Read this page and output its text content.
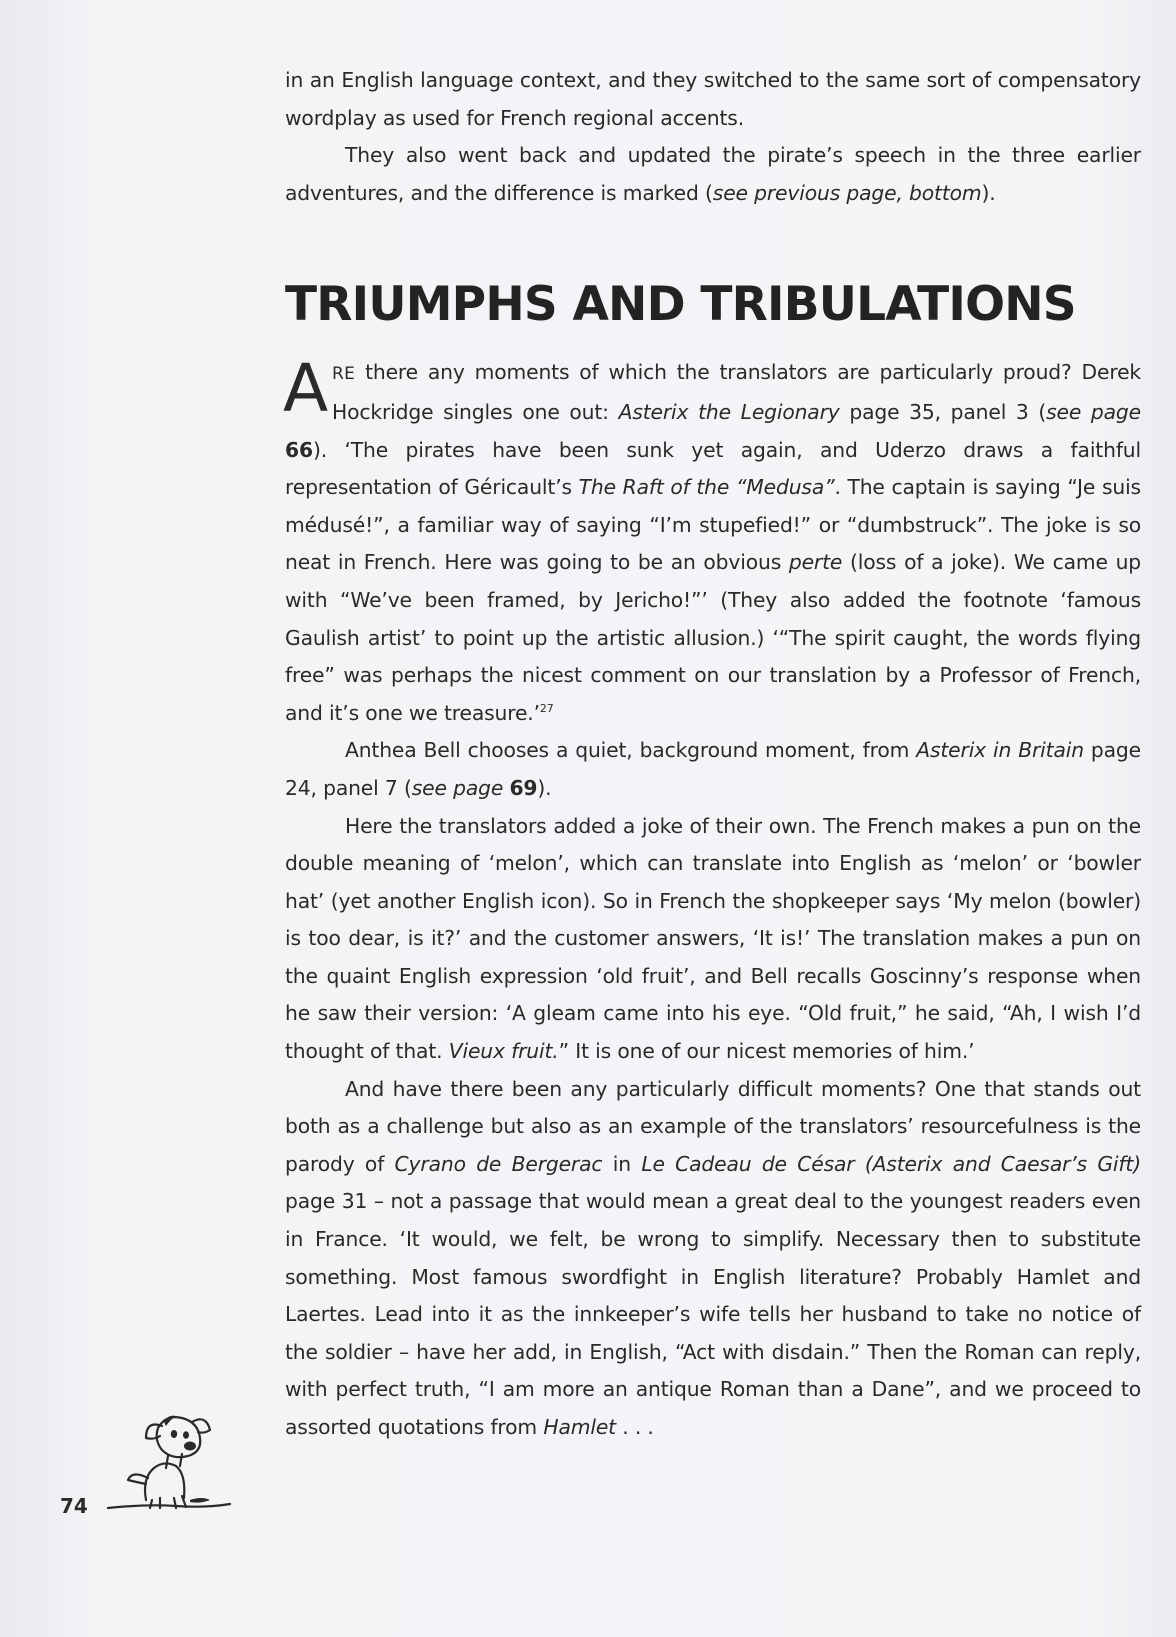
in an English language context, and they switched to the same sort of compensatory wordplay as used for French regional accents.

They also went back and updated the pirate’s speech in the three earlier adventures, and the difference is marked (see previous page, bottom).

TRIUMPHS AND TRIBULATIONS

ARE there any moments of which the translators are particularly proud? Derek Hockridge singles one out: Asterix the Legionary page 35, panel 3 (see page 66). ‘The pirates have been sunk yet again, and Uderzo draws a faithful representation of Géricault’s The Raft of the “Medusa”. The captain is saying “Je suis médusé!”, a familiar way of saying “I’m stupefied!” or “dumbstruck”. The joke is so neat in French. Here was going to be an obvious perte (loss of a joke). We came up with “We’ve been framed, by Jericho!”’ (They also added the footnote ‘famous Gaulish artist’ to point up the artistic allusion.) ‘“The spirit caught, the words flying free” was perhaps the nicest comment on our translation by a Professor of French, and it’s one we treasure.’$^{27}$

Anthea Bell chooses a quiet, background moment, from Asterix in Britain page 24, panel 7 (see page 69).

Here the translators added a joke of their own. The French makes a pun on the double meaning of ‘melon’, which can translate into English as ‘melon’ or ‘bowler hat’ (yet another English icon). So in French the shopkeeper says ‘My melon (bowler) is too dear, is it?’ and the customer answers, ‘It is!’ The translation makes a pun on the quaint English expression ‘old fruit’, and Bell recalls Goscinny’s response when he saw their version: ‘A gleam came into his eye. “Old fruit,” he said, “Ah, I wish I’d thought of that. Vieux fruit.” It is one of our nicest memories of him.’

And have there been any particularly difficult moments? One that stands out both as a challenge but also as an example of the translators’ resourcefulness is the parody of Cyrano de Bergerac in Le Cadeau de César (Asterix and Caesar’s Gift) page 31 – not a passage that would mean a great deal to the youngest readers even in France. ‘It would, we felt, be wrong to simplify. Necessary then to substitute something. Most famous swordfight in English literature? Probably Hamlet and Laertes. Lead into it as the innkeeper’s wife tells her husband to take no notice of the soldier – have her add, in English, “Act with disdain.” Then the Roman can reply, with perfect truth, “I am more an antique Roman than a Dane”, and we proceed to assorted quotations from Hamlet . . .

74
